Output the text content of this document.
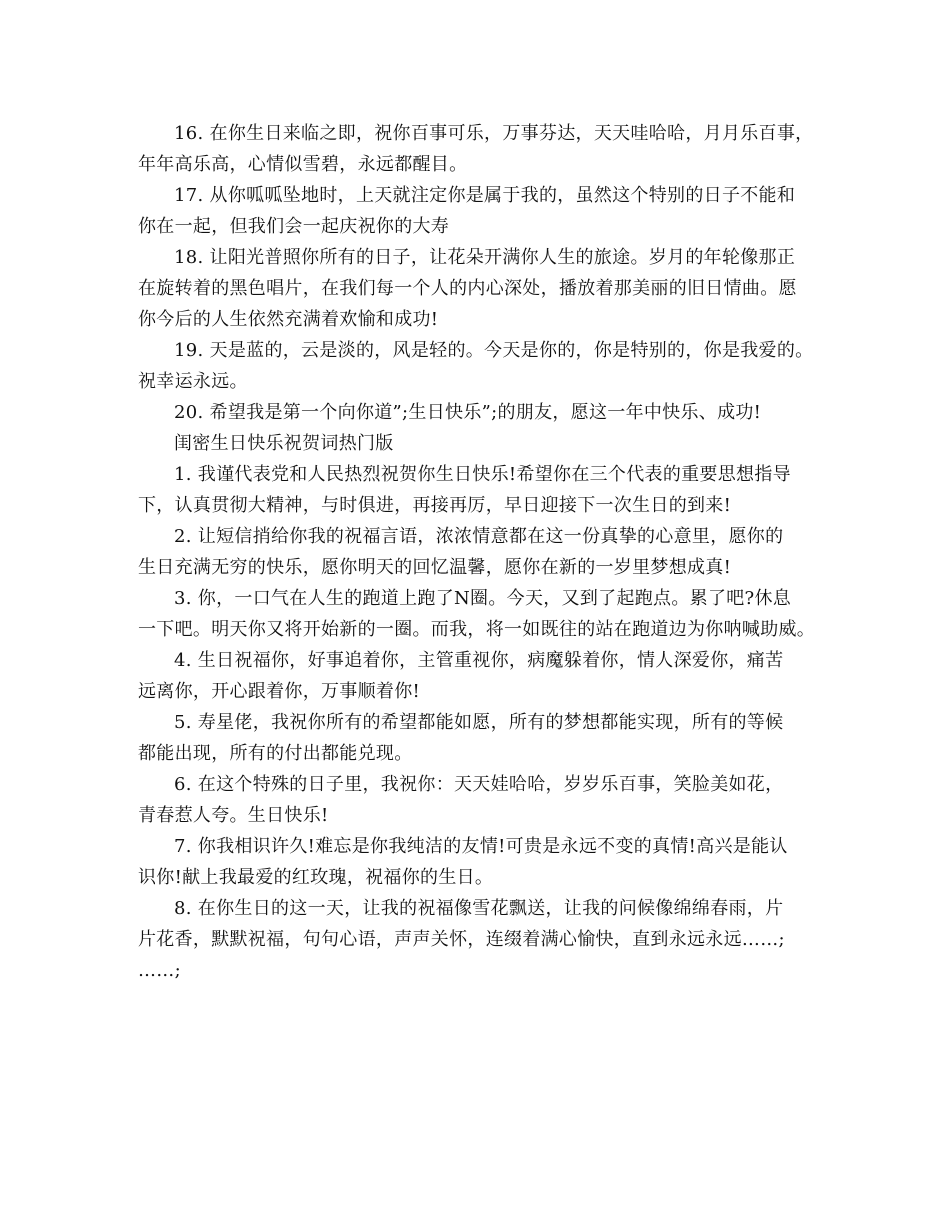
16. 在你生日来临之即，祝你百事可乐，万事芬达，天天哇哈哈，月月乐百事，
年年高乐高，心情似雪碧，永远都醒目。
17. 从你呱呱坠地时，上天就注定你是属于我的，虽然这个特别的日子不能和
你在一起，但我们会一起庆祝你的大寿
18. 让阳光普照你所有的日子，让花朵开满你人生的旅途。岁月的年轮像那正
在旋转着的黑色唱片，在我们每一个人的内心深处，播放着那美丽的旧日情曲。愿
你今后的人生依然充满着欢愉和成功!
19. 天是蓝的，云是淡的，风是轻的。今天是你的，你是特别的，你是我爱的。
祝幸运永远。
20. 希望我是第一个向你道”;生日快乐”;的朋友，愿这一年中快乐、成功!
闺密生日快乐祝贺词热门版
1. 我谨代表党和人民热烈祝贺你生日快乐!希望你在三个代表的重要思想指导
下，认真贯彻大精神，与时俱进，再接再厉，早日迎接下一次生日的到来!
2. 让短信捎给你我的祝福言语，浓浓情意都在这一份真挚的心意里，愿你的
生日充满无穷的快乐，愿你明天的回忆温馨，愿你在新的一岁里梦想成真!
3. 你，一口气在人生的跑道上跑了N圈。今天，又到了起跑点。累了吧?休息
一下吧。明天你又将开始新的一圈。而我，将一如既往的站在跑道边为你呐喊助威。
4. 生日祝福你，好事追着你，主管重视你，病魔躲着你，情人深爱你，痛苦
远离你，开心跟着你，万事顺着你!
5. 寿星佬，我祝你所有的希望都能如愿，所有的梦想都能实现，所有的等候
都能出现，所有的付出都能兑现。
6. 在这个特殊的日子里，我祝你：天天娃哈哈，岁岁乐百事，笑脸美如花，
青春惹人夸。生日快乐!
7. 你我相识许久!难忘是你我纯洁的友情!可贵是永远不变的真情!高兴是能认
识你!献上我最爱的红玫瑰，祝福你的生日。
8. 在你生日的这一天，让我的祝福像雪花飘送，让我的问候像绵绵春雨，片
片花香，默默祝福，句句心语，声声关怀，连缀着满心愉快，直到永远永远……;
……;
